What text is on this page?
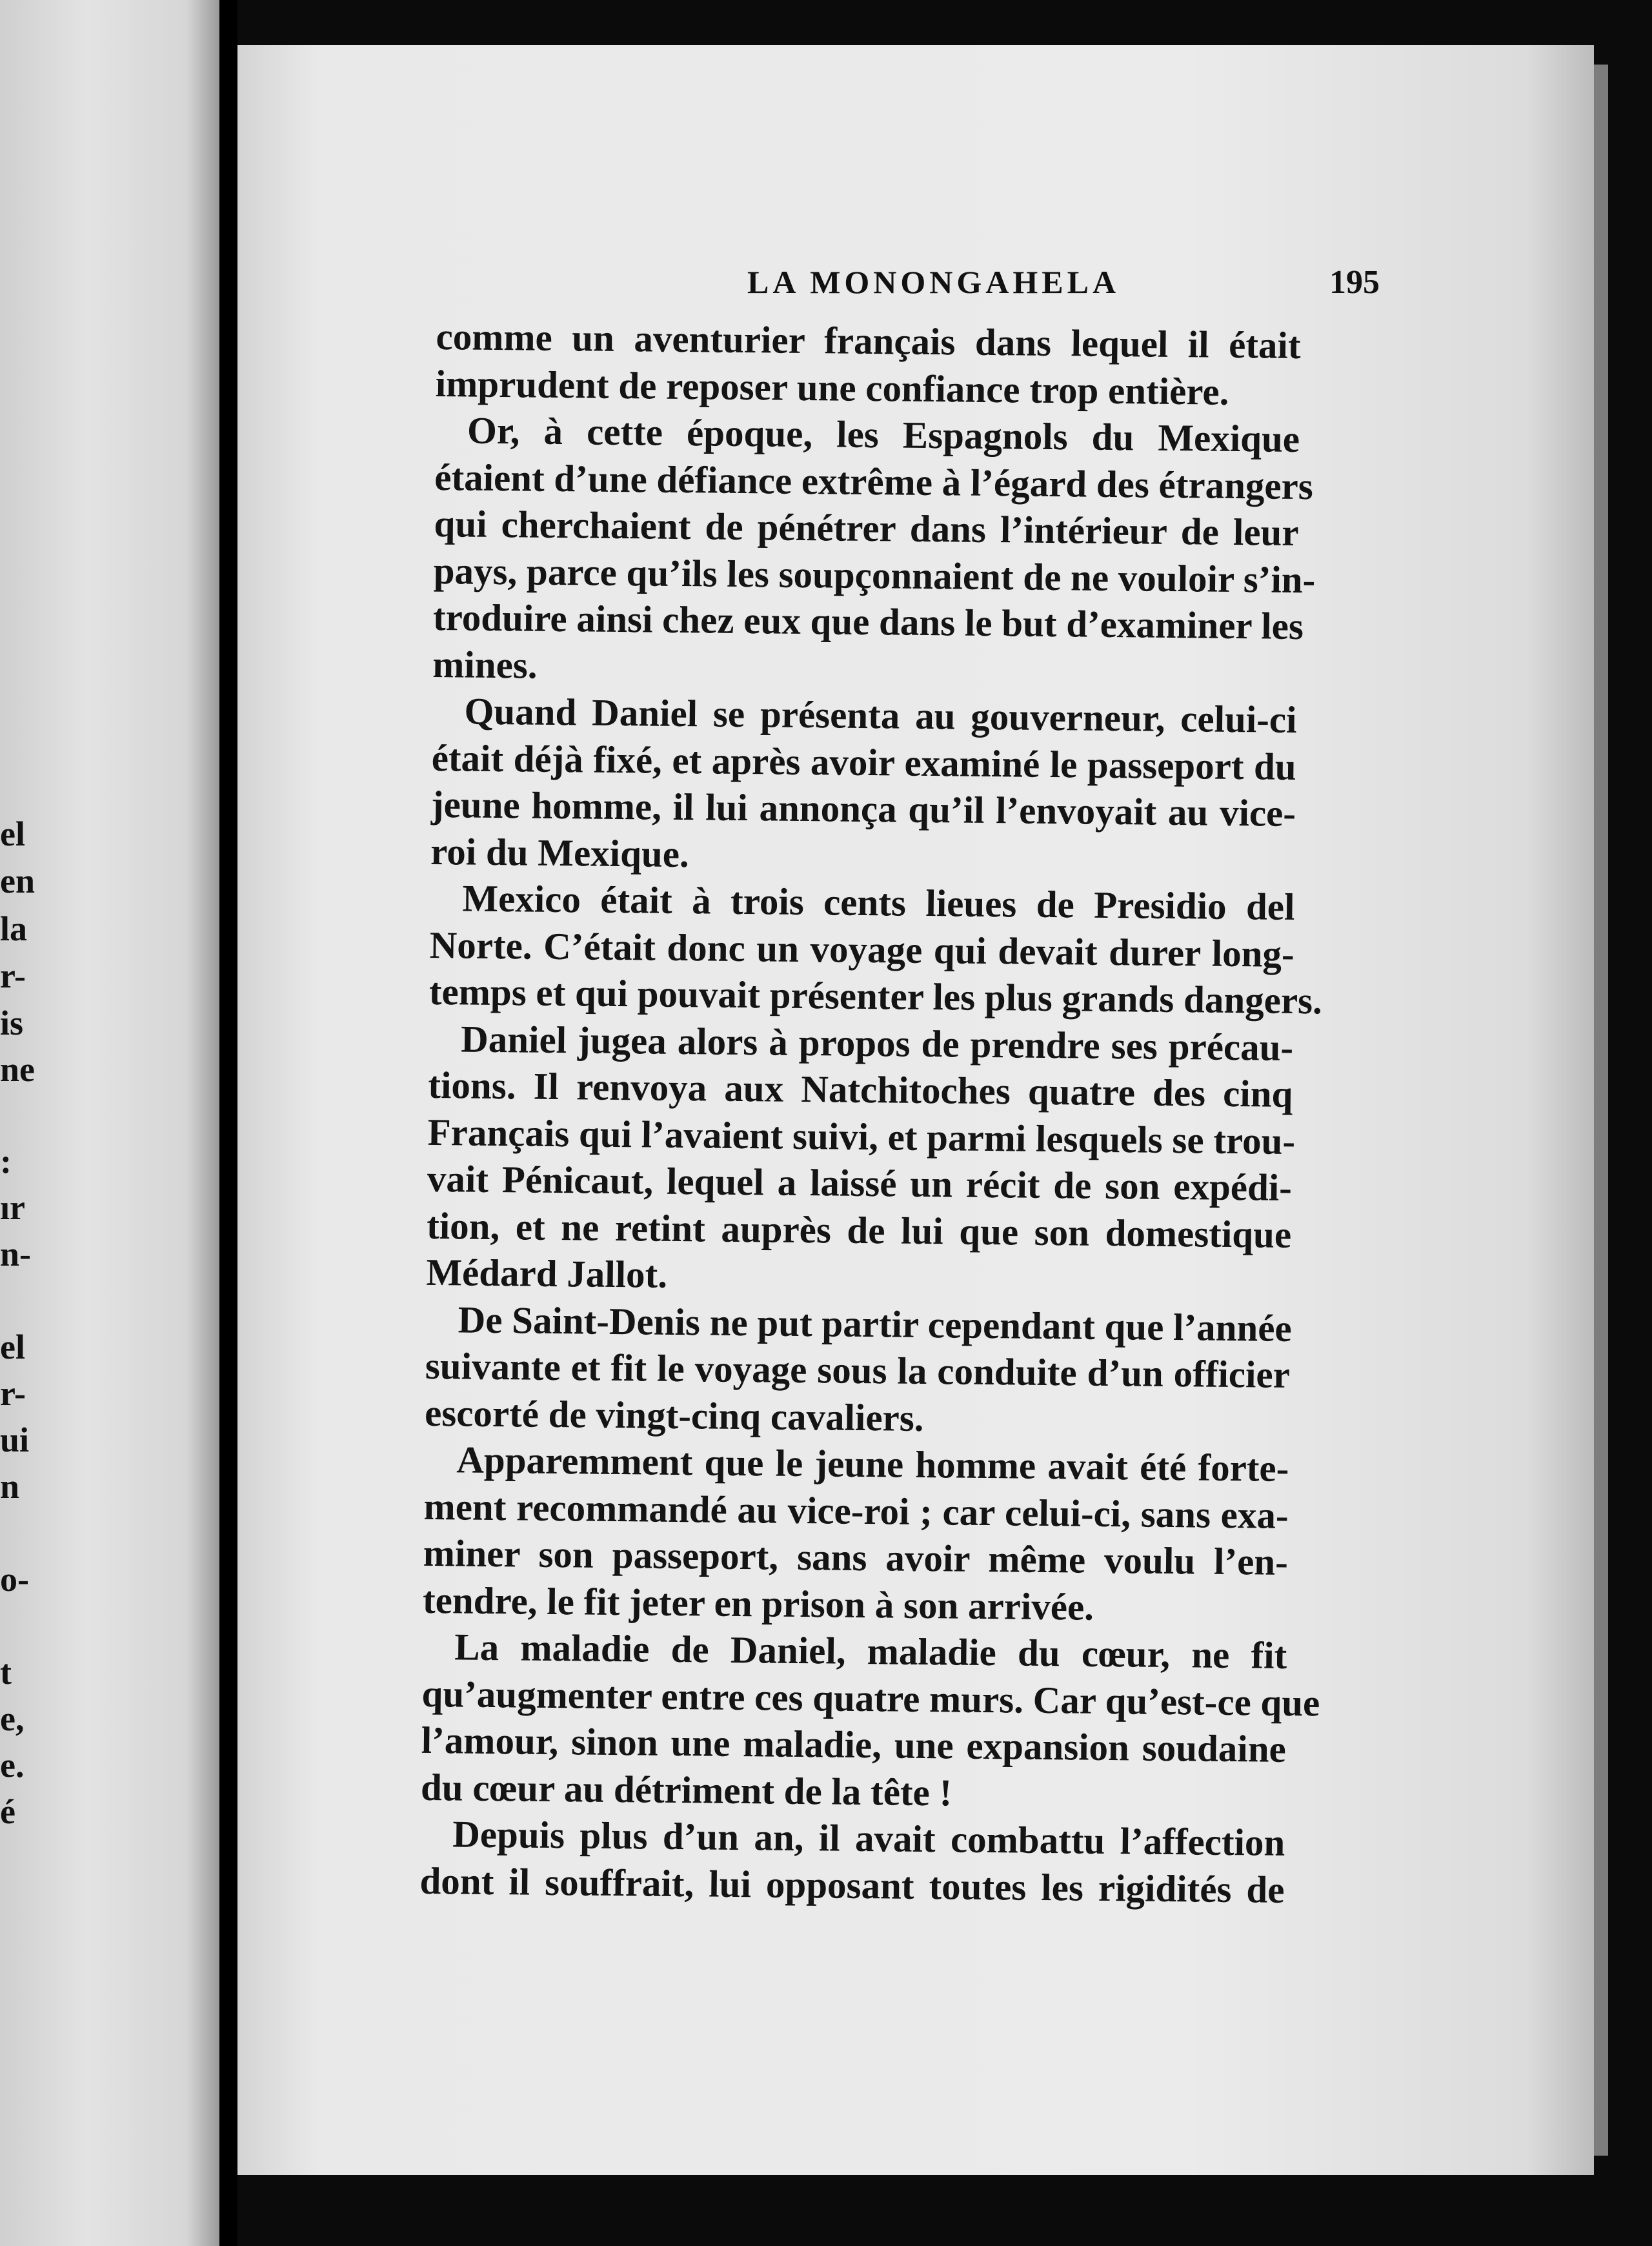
el
en
la
r-
is
ne
:
ır
n-
el
r-
ui
n
o-
t
e,
e.
é
LA MONONGAHELA	195
comme un aventurier français dans lequel il était
imprudent de reposer une confiance trop entière.
Or, à cette époque, les Espagnols du Mexique
étaient d’une défiance extrême à l’égard des étrangers
qui cherchaient de pénétrer dans l’intérieur de leur
pays, parce qu’ils les soupçonnaient de ne vouloir s’in-
troduire ainsi chez eux que dans le but d’examiner les
mines.
Quand Daniel se présenta au gouverneur, celui-ci
était déjà fixé, et après avoir examiné le passeport du
jeune homme, il lui annonça qu’il l’envoyait au vice-
roi du Mexique.
Mexico était à trois cents lieues de Presidio del
Norte. C’était donc un voyage qui devait durer long-
temps et qui pouvait présenter les plus grands dangers.
Daniel jugea alors à propos de prendre ses précau-
tions. Il renvoya aux Natchitoches quatre des cinq
Français qui l’avaient suivi, et parmi lesquels se trou-
vait Pénicaut, lequel a laissé un récit de son expédi-
tion, et ne retint auprès de lui que son domestique
Médard Jallot.
De Saint-Denis ne put partir cependant que l’année
suivante et fit le voyage sous la conduite d’un officier
escorté de vingt-cinq cavaliers.
Apparemment que le jeune homme avait été forte-
ment recommandé au vice-roi ; car celui-ci, sans exa-
miner son passeport, sans avoir même voulu l’en-
tendre, le fit jeter en prison à son arrivée.
La maladie de Daniel, maladie du cœur, ne fit
qu’augmenter entre ces quatre murs. Car qu’est-ce que
l’amour, sinon une maladie, une expansion soudaine
du cœur au détriment de la tête !
Depuis plus d’un an, il avait combattu l’affection
dont il souffrait, lui opposant toutes les rigidités de
